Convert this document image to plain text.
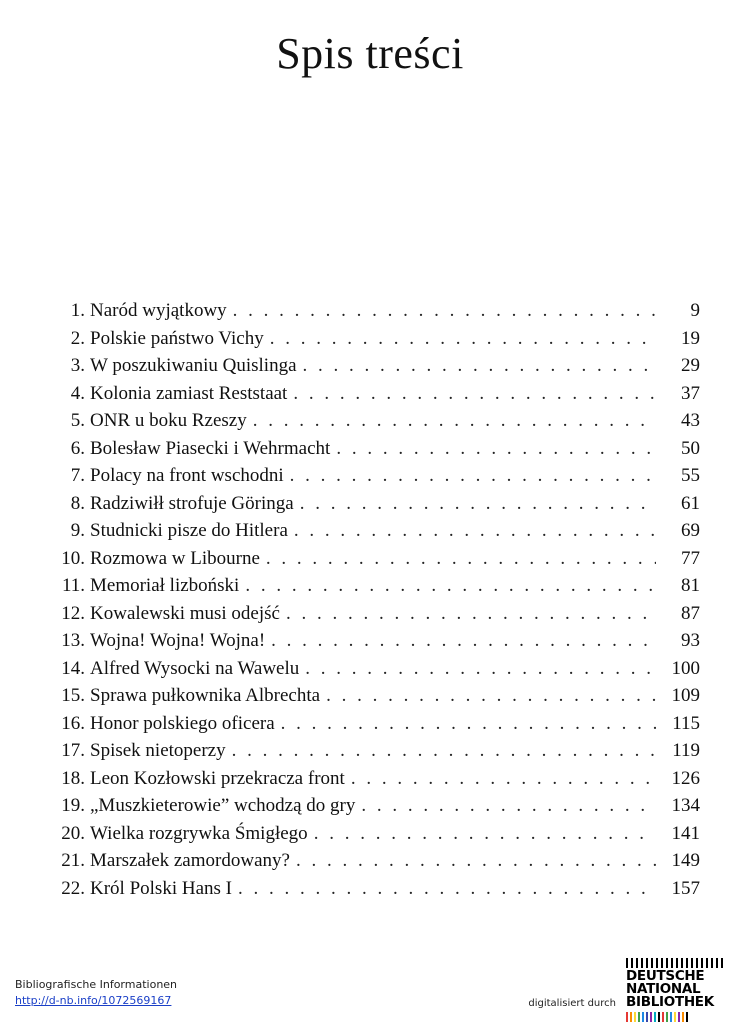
Spis treści
1. Naród wyjątkowy . . .	9
2. Polskie państwo Vichy . . .	19
3. W poszukiwaniu Quislinga . . .	29
4. Kolonia zamiast Reststaat . . .	37
5. ONR u boku Rzeszy . . .	43
6. Bolesław Piasecki i Wehrmacht . . .	50
7. Polacy na front wschodni . . .	55
8. Radziwiłł strofuje Göringa . . .	61
9. Studnicki pisze do Hitlera . . .	69
10. Rozmowa w Libourne . . .	77
11. Memoriał lizboński . . .	81
12. Kowalewski musi odejść . . .	87
13. Wojna! Wojna! Wojna! . . .	93
14. Alfred Wysocki na Wawelu . . .	100
15. Sprawa pułkownika Albrechta . . .	109
16. Honor polskiego oficera . . .	115
17. Spisek nietoperzy . . .	119
18. Leon Kozłowski przekracza front . . .	126
19. „Muszkieterowie” wchodzą do gry . . .	134
20. Wielka rozgrywka Śmigłego . . .	141
21. Marszałek zamordowany? . . .	149
22. Król Polski Hans I . . .	157
Bibliografische Informationen
http://d-nb.info/1072569167	digitalisiert durch
DEUTSCHE
NATIONAL
BIBLIOTHEK
